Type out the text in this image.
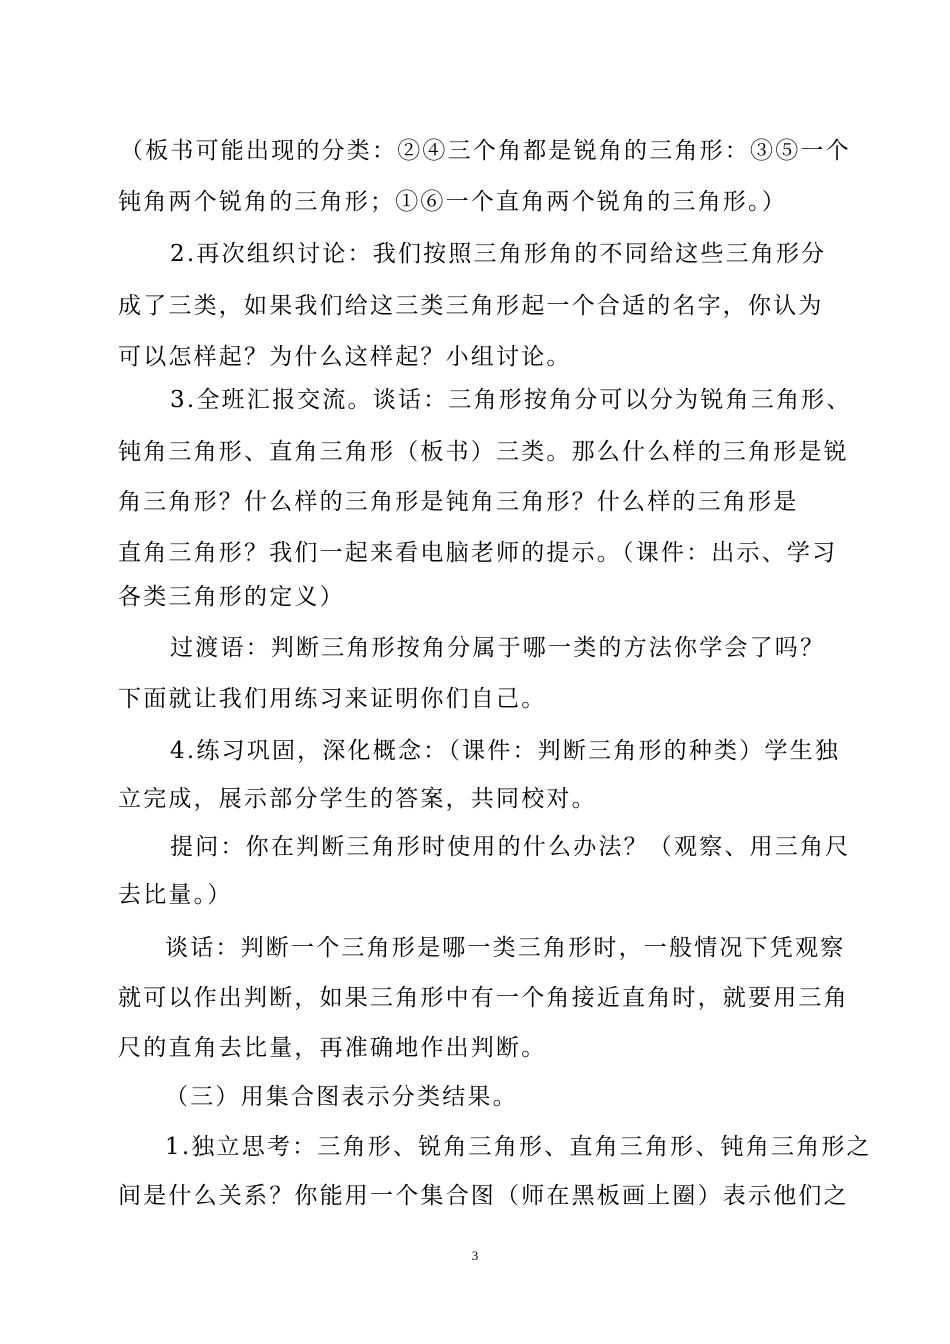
（板书可能出现的分类：②④三个角都是锐角的三角形：③⑤一个
钝角两个锐角的三角形；①⑥一个直角两个锐角的三角形。）
2.再次组织讨论：我们按照三角形角的不同给这些三角形分
成了三类，如果我们给这三类三角形起一个合适的名字，你认为
可以怎样起？为什么这样起？小组讨论。
3.全班汇报交流。谈话：三角形按角分可以分为锐角三角形、
钝角三角形、直角三角形（板书）三类。那么什么样的三角形是锐
角三角形？什么样的三角形是钝角三角形？什么样的三角形是
直角三角形？我们一起来看电脑老师的提示。（课件：出示、学习
各类三角形的定义）
过渡语：判断三角形按角分属于哪一类的方法你学会了吗？
下面就让我们用练习来证明你们自己。
4.练习巩固，深化概念：（课件：判断三角形的种类）学生独
立完成，展示部分学生的答案，共同校对。
提问：你在判断三角形时使用的什么办法？（观察、用三角尺
去比量。）
谈话：判断一个三角形是哪一类三角形时，一般情况下凭观察
就可以作出判断，如果三角形中有一个角接近直角时，就要用三角
尺的直角去比量，再准确地作出判断。
（三）用集合图表示分类结果。
1.独立思考：三角形、锐角三角形、直角三角形、钝角三角形之
间是什么关系？你能用一个集合图（师在黑板画上圈）表示他们之
3
